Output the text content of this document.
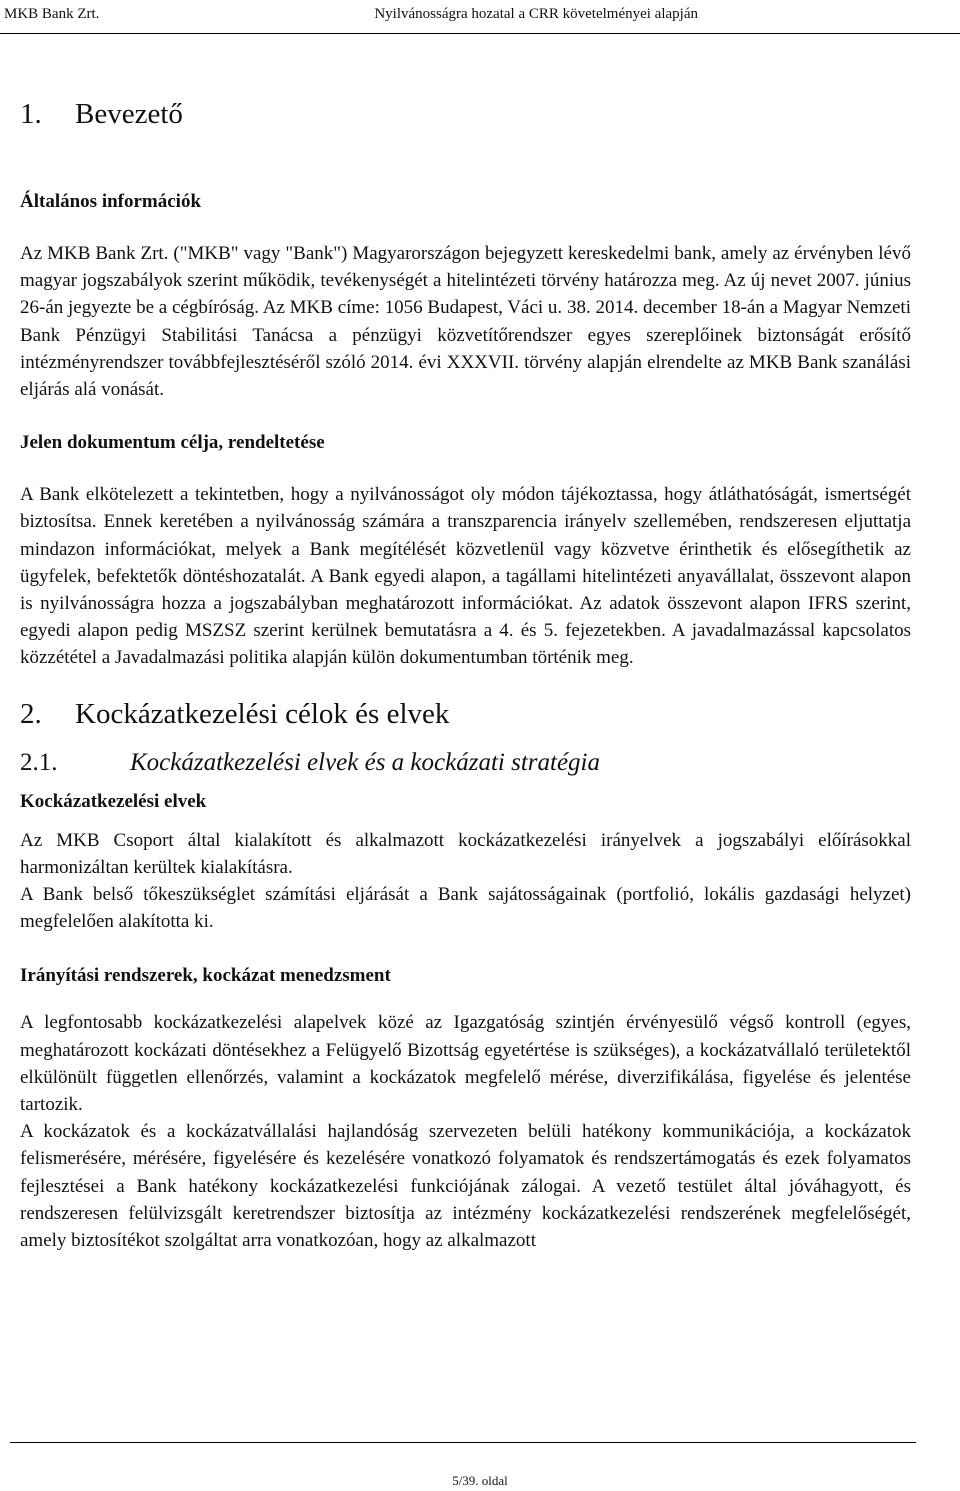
MKB Bank Zrt.	Nyilvánosságra hozatal a CRR követelményei alapján
1.	Bevezető
Általános információk

Az MKB Bank Zrt. ("MKB" vagy "Bank") Magyarországon bejegyzett kereskedelmi bank, amely az érvényben lévő magyar jogszabályok szerint működik, tevékenységét a hitelintézeti törvény határozza meg. Az új nevet 2007. június 26-án jegyezte be a cégbíróság. Az MKB címe: 1056 Budapest, Váci u. 38. 2014. december 18-án a Magyar Nemzeti Bank Pénzügyi Stabilitási Tanácsa a pénzügyi közvetítőrendszer egyes szereplőinek biztonságát erősítő intézményrendszer továbbfejlesztéséről szóló 2014. évi XXXVII. törvény alapján elrendelte az MKB Bank szanálási eljárás alá vonását.

Jelen dokumentum célja, rendeltetése

A Bank elkötelezett a tekintetben, hogy a nyilvánosságot oly módon tájékoztassa, hogy átláthatóságát, ismertségét biztosítsa. Ennek keretében a nyilvánosság számára a transzparencia irányelv szellemében, rendszeresen eljuttatja mindazon információkat, melyek a Bank megítélését közvetlenül vagy közvetve érinthetik és elősegíthetik az ügyfelek, befektetők döntéshozatalát. A Bank egyedi alapon, a tagállami hitelintézeti anyavállalat, összevont alapon is nyilvánosságra hozza a jogszabályban meghatározott információkat. Az adatok összevont alapon IFRS szerint, egyedi alapon pedig MSZSZ szerint kerülnek bemutatásra a 4. és 5. fejezetekben. A javadalmazással kapcsolatos közzététel a Javadalmazási politika alapján külön dokumentumban történik meg.

2.	Kockázatkezelési célok és elvek
2.1.	Kockázatkezelési elvek és a kockázati stratégia
Kockázatkezelési elvek

Az MKB Csoport által kialakított és alkalmazott kockázatkezelési irányelvek a jogszabályi előírásokkal harmonizáltan kerültek kialakításra.

A Bank belső tőkeszükséglet számítási eljárását a Bank sajátosságainak (portfolió, lokális gazdasági helyzet) megfelelően alakította ki.

Irányítási rendszerek, kockázat menedzsment

A legfontosabb kockázatkezelési alapelvek közé az Igazgatóság szintjén érvényesülő végső kontroll (egyes, meghatározott kockázati döntésekhez a Felügyelő Bizottság egyetértése is szükséges), a kockázatvállaló területektől elkülönült független ellenőrzés, valamint a kockázatok megfelelő mérése, diverzifikálása, figyelése és jelentése tartozik.

A kockázatok és a kockázatvállalási hajlandóság szervezeten belüli hatékony kommunikációja, a kockázatok felismerésére, mérésére, figyelésére és kezelésére vonatkozó folyamatok és rendszertámogatás és ezek folyamatos fejlesztései a Bank hatékony kockázatkezelési funkciójának zálogai. A vezető testület által jóváhagyott, és rendszeresen felülvizsgált keretrendszer biztosítja az intézmény kockázatkezelési rendszerének megfelelőségét, amely biztosítékot szolgáltat arra vonatkozóan, hogy az alkalmazott

5/39. oldal
